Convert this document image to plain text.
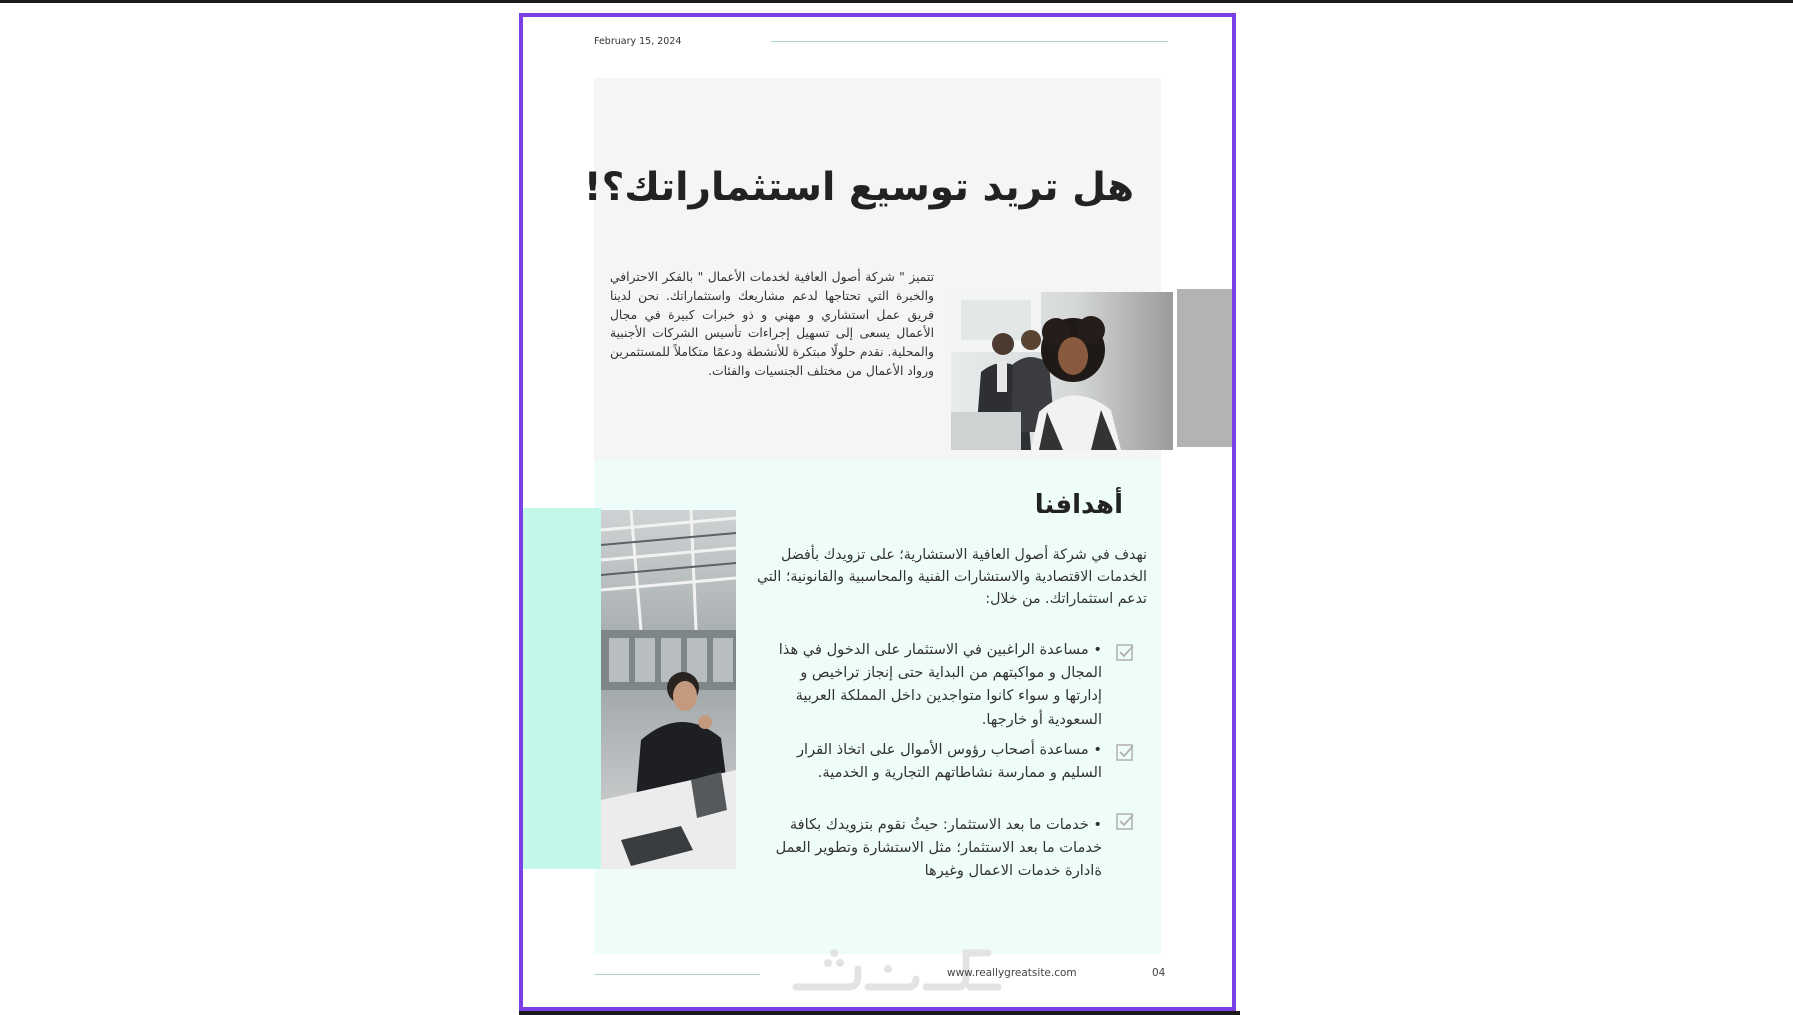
February 15, 2024
هل تريد توسيع استثماراتك؟!
تتميز " شركة أصول العافية لخدمات الأعمال " بالفكر الاحترافي والخبرة التي تحتاجها لدعم مشاريعك واستثماراتك. نحن لدينا فريق عمل استشاري و مهني و ذو خبرات كبيرة في مجال الأعمال يسعى إلى تسهيل إجراءات تأسيس الشركات الأجنبية والمحلية. نقدم حلولًا مبتكرة للأنشطة ودعمًا متكاملاً للمستثمرين ورواد الأعمال من مختلف الجنسيات والفئات.
أهدافنا
نهدف في شركة أصول العافية الاستشارية؛ على تزويدك بأفضل الخدمات الاقتصادية والاستشارات الفنية والمحاسبية والقانونية؛ التي تدعم استثماراتك. من خلال:
• مساعدة الراغبين في الاستثمار على الدخول في هذا المجال و مواكبتهم من البداية حتى إنجاز تراخيص و إدارتها و سواء كانوا متواجدين داخل المملكة العربية السعودية أو خارجها.
• مساعدة أصحاب رؤوس الأموال على اتخاذ القرار السليم و ممارسة نشاطاتهم التجارية و الخدمية.
• خدمات ما بعد الاستثمار: حيثُ نقوم بتزويدك بكافة خدمات ما بعد الاستثمار؛ مثل الاستشارة وتطوير العمل ةادارة خدمات الاعمال وغيرها
www.reallygreatsite.com	04
